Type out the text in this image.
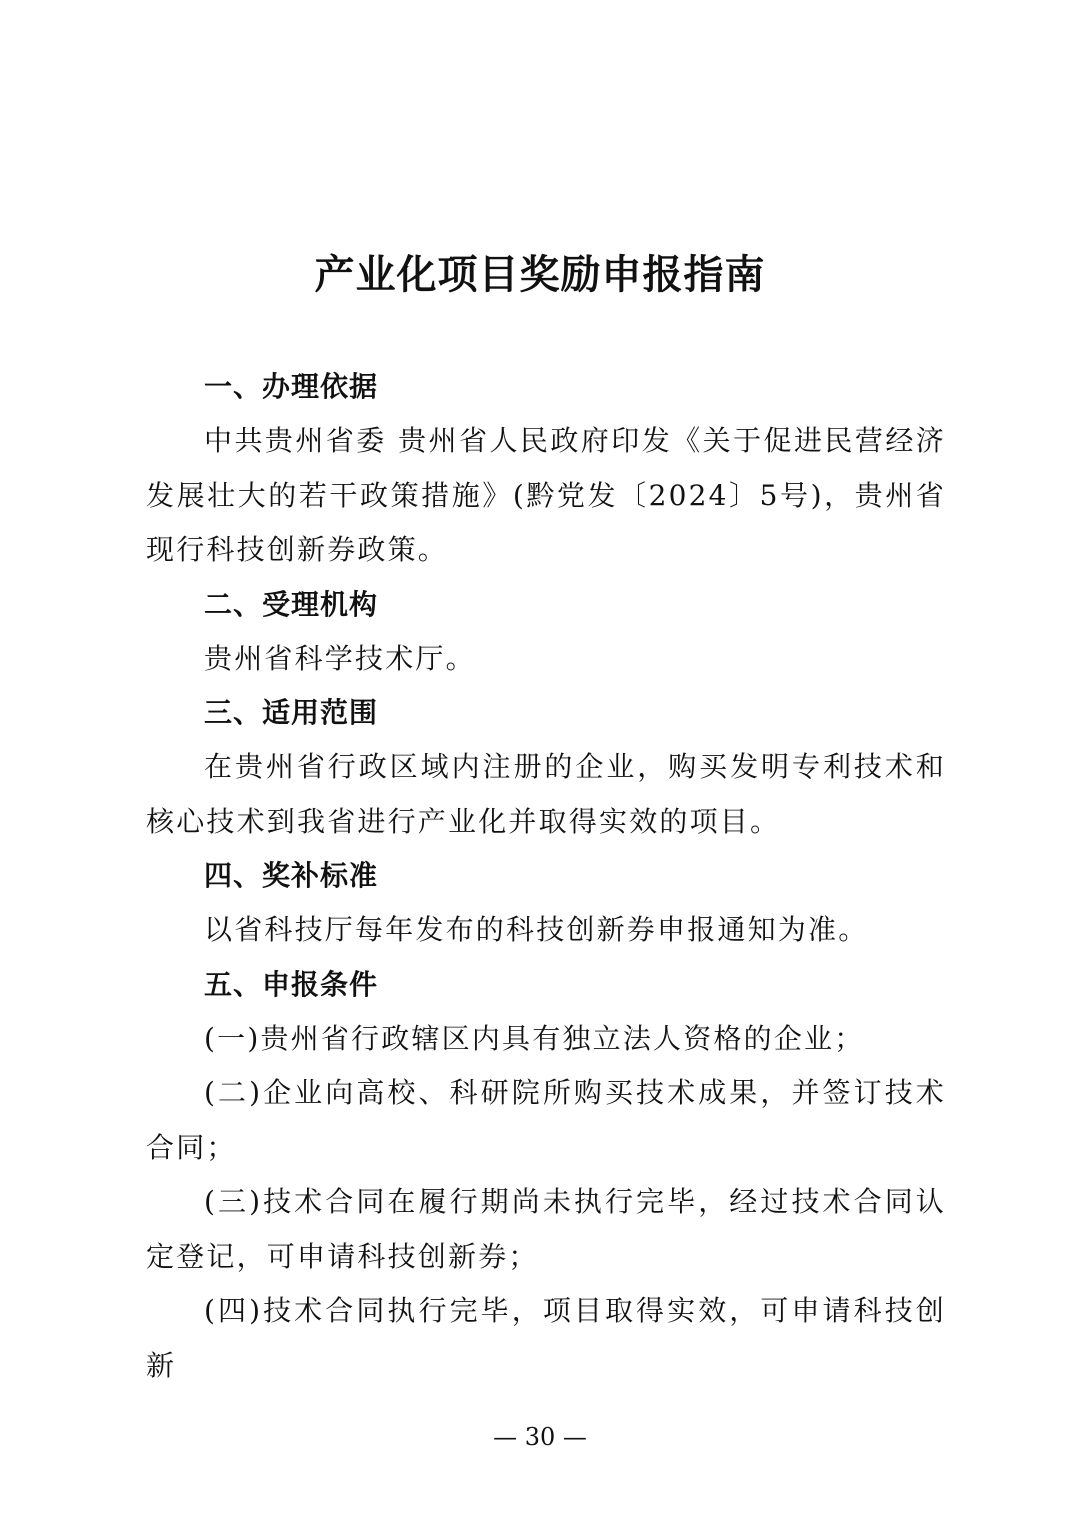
产业化项目奖励申报指南

一、办理依据

中共贵州省委 贵州省人民政府印发《关于促进民营经济发展壮大的若干政策措施》(黔党发〔2024〕5号)，贵州省现行科技创新券政策。

二、受理机构

贵州省科学技术厅。

三、适用范围

在贵州省行政区域内注册的企业，购买发明专利技术和核心技术到我省进行产业化并取得实效的项目。

四、奖补标准

以省科技厅每年发布的科技创新券申报通知为准。

五、申报条件

(一)贵州省行政辖区内具有独立法人资格的企业；

(二)企业向高校、科研院所购买技术成果，并签订技术合同；

(三)技术合同在履行期尚未执行完毕，经过技术合同认定登记，可申请科技创新券；

(四)技术合同执行完毕，项目取得实效，可申请科技创新

— 30 —
